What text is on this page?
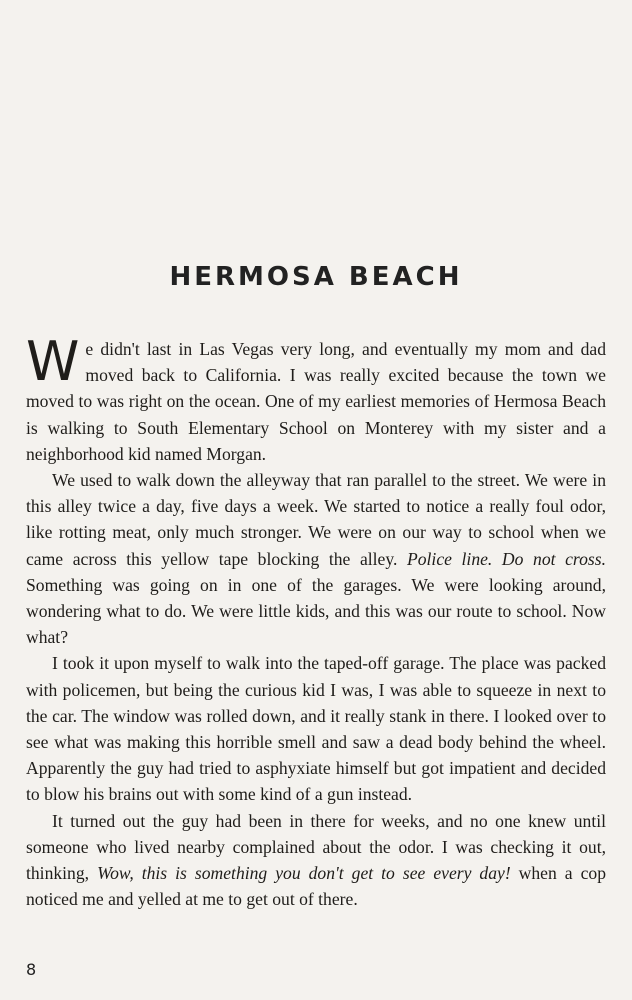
HERMOSA BEACH

We didn't last in Las Vegas very long, and eventually my mom and dad moved back to California. I was really excited because the town we moved to was right on the ocean. One of my earliest memories of Hermosa Beach is walking to South Elementary School on Monterey with my sister and a neighborhood kid named Morgan.

We used to walk down the alleyway that ran parallel to the street. We were in this alley twice a day, five days a week. We started to notice a really foul odor, like rotting meat, only much stronger. We were on our way to school when we came across this yellow tape blocking the alley. Police line. Do not cross. Something was going on in one of the garages. We were looking around, wondering what to do. We were little kids, and this was our route to school. Now what?

I took it upon myself to walk into the taped-off garage. The place was packed with policemen, but being the curious kid I was, I was able to squeeze in next to the car. The window was rolled down, and it really stank in there. I looked over to see what was making this horrible smell and saw a dead body behind the wheel. Apparently the guy had tried to asphyxiate himself but got impatient and decided to blow his brains out with some kind of a gun instead.

It turned out the guy had been in there for weeks, and no one knew until someone who lived nearby complained about the odor. I was checking it out, thinking, Wow, this is something you don't get to see every day! when a cop noticed me and yelled at me to get out of there.

8
